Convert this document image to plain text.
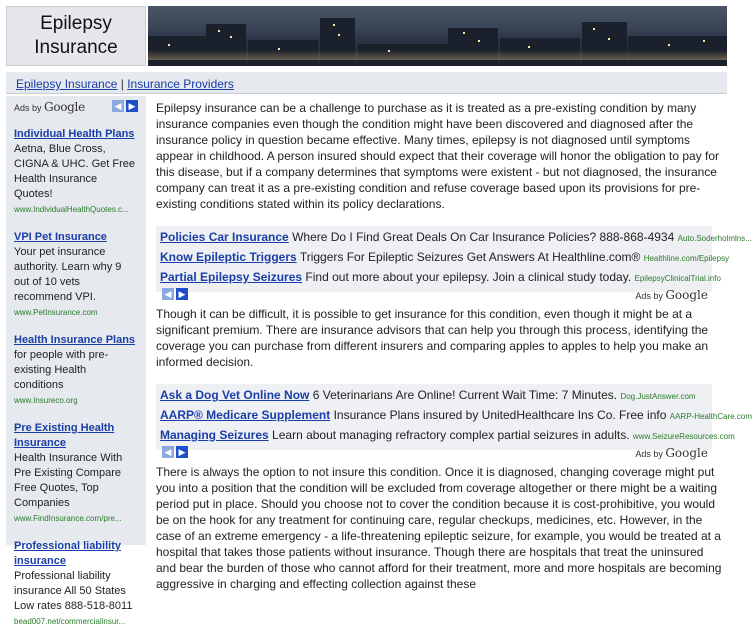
Epilepsy
Insurance
Epilepsy Insurance | Insurance Providers
Ads by Google	◀ ▶
Individual Health Plans
Aetna, Blue Cross, CIGNA & UHC. Get Free Health Insurance Quotes!
www.IndividualHealthQuotes.c...
VPI Pet Insurance
Your pet insurance authority. Learn why 9 out of 10 vets recommend VPI.
www.PetInsurance.com
Health Insurance Plans
for people with pre-existing Health conditions
www.Insureco.org
Pre Existing Health Insurance
Health Insurance With Pre Existing Compare Free Quotes, Top Companies
www.FindInsurance.com/pre...
Professional liability insurance
Professional liability insurance All 50 States Low rates 888-518-8011
bead007.net/commercialinsur...

Epilepsy insurance can be a challenge to purchase as it is treated as a pre-existing condition by many insurance companies even though the condition might have been discovered and diagnosed after the insurance policy in question became effective. Many times, epilepsy is not diagnosed until symptoms appear in childhood. A person insured should expect that their coverage will honor the obligation to pay for this disease, but if a company determines that symptoms were existent - but not diagnosed, the insurance company can treat it as a pre-existing condition and refuse coverage based upon its provisions for pre-existing conditions stated within its policy declarations.

Policies Car Insurance Where Do I Find Great Deals On Car Insurance Policies? 888-868-4934 Auto.Soderholmlns...
Know Epileptic Triggers Triggers For Epileptic Seizures Get Answers At Healthline.com® Healthline.com/Epilepsy
Partial Epilepsy Seizures Find out more about your epilepsy. Join a clinical study today. EpilepsyClinicalTrial.info
◀ ▶	Ads by Google

Though it can be difficult, it is possible to get insurance for this condition, even though it might be at a significant premium. There are insurance advisors that can help you through this process, identifying the coverage you can purchase from different insurers and comparing apples to apples to help you make an informed decision.

Ask a Dog Vet Online Now 6 Veterinarians Are Online! Current Wait Time: 7 Minutes. Dog.JustAnswer.com
AARP® Medicare Supplement Insurance Plans insured by UnitedHealthcare Ins Co. Free info AARP-HealthCare.com
Managing Seizures Learn about managing refractory complex partial seizures in adults. www.SeizureResources.com
◀ ▶	Ads by Google

There is always the option to not insure this condition. Once it is diagnosed, changing coverage might put you into a position that the condition will be excluded from coverage altogether or there might be a waiting period put in place. Should you choose not to cover the condition because it is cost-prohibitive, you would be on the hook for any treatment for continuing care, regular checkups, medicines, etc. However, in the case of an extreme emergency - a life-threatening epileptic seizure, for example, you would be treated at a hospital that takes those patients without insurance. Though there are hospitals that treat the uninsured and bear the burden of those who cannot afford for their treatment, more and more hospitals are becoming aggressive in charging and effecting collection against these
